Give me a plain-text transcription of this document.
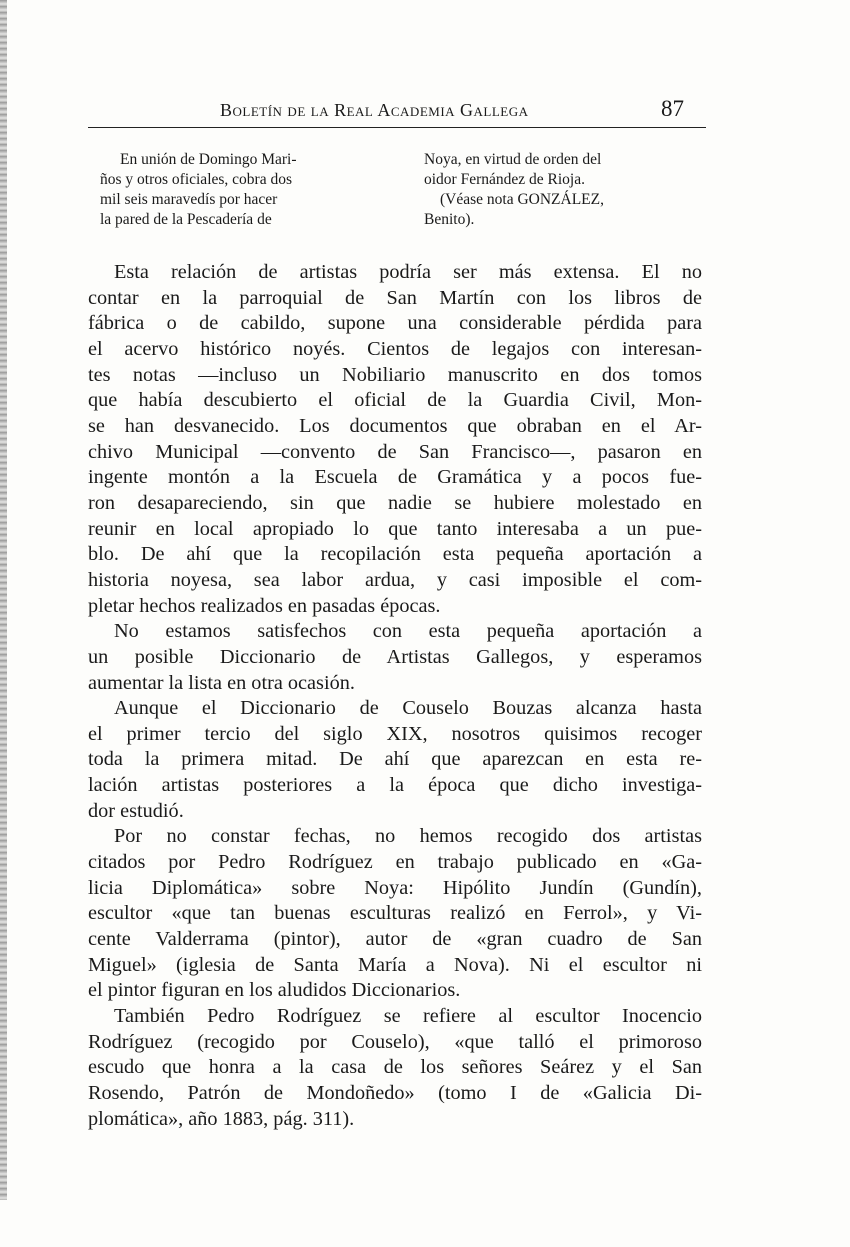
Boletín de la Real Academia Gallega	87
En unión de Domingo Mari-
ños y otros oficiales, cobra dos
mil seis maravedís por hacer
la pared de la Pescadería de
Noya, en virtud de orden del
oidor Fernández de Rioja.
(Véase nota GONZÁLEZ,
Benito).
Esta relación de artistas podría ser más extensa. El no
contar en la parroquial de San Martín con los libros de
fábrica o de cabildo, supone una considerable pérdida para
el acervo histórico noyés. Cientos de legajos con interesan-
tes notas —incluso un Nobiliario manuscrito en dos tomos
que había descubierto el oficial de la Guardia Civil, Mon-
se han desvanecido. Los documentos que obraban en el Ar-
chivo Municipal —convento de San Francisco—, pasaron en
ingente montón a la Escuela de Gramática y a pocos fue-
ron desapareciendo, sin que nadie se hubiere molestado en
reunir en local apropiado lo que tanto interesaba a un pue-
blo. De ahí que la recopilación esta pequeña aportación a
historia noyesa, sea labor ardua, y casi imposible el com-
pletar hechos realizados en pasadas épocas.
No estamos satisfechos con esta pequeña aportación a
un posible Diccionario de Artistas Gallegos, y esperamos
aumentar la lista en otra ocasión.
Aunque el Diccionario de Couselo Bouzas alcanza hasta
el primer tercio del siglo XIX, nosotros quisimos recoger
toda la primera mitad. De ahí que aparezcan en esta re-
lación artistas posteriores a la época que dicho investiga-
dor estudió.
Por no constar fechas, no hemos recogido dos artistas
citados por Pedro Rodríguez en trabajo publicado en «Ga-
licia Diplomática» sobre Noya: Hipólito Jundín (Gundín),
escultor «que tan buenas esculturas realizó en Ferrol», y Vi-
cente Valderrama (pintor), autor de «gran cuadro de San
Miguel» (iglesia de Santa María a Nova). Ni el escultor ni
el pintor figuran en los aludidos Diccionarios.
También Pedro Rodríguez se refiere al escultor Inocencio
Rodríguez (recogido por Couselo), «que talló el primoroso
escudo que honra a la casa de los señores Seárez y el San
Rosendo, Patrón de Mondoñedo» (tomo I de «Galicia Di-
plomática», año 1883, pág. 311).
